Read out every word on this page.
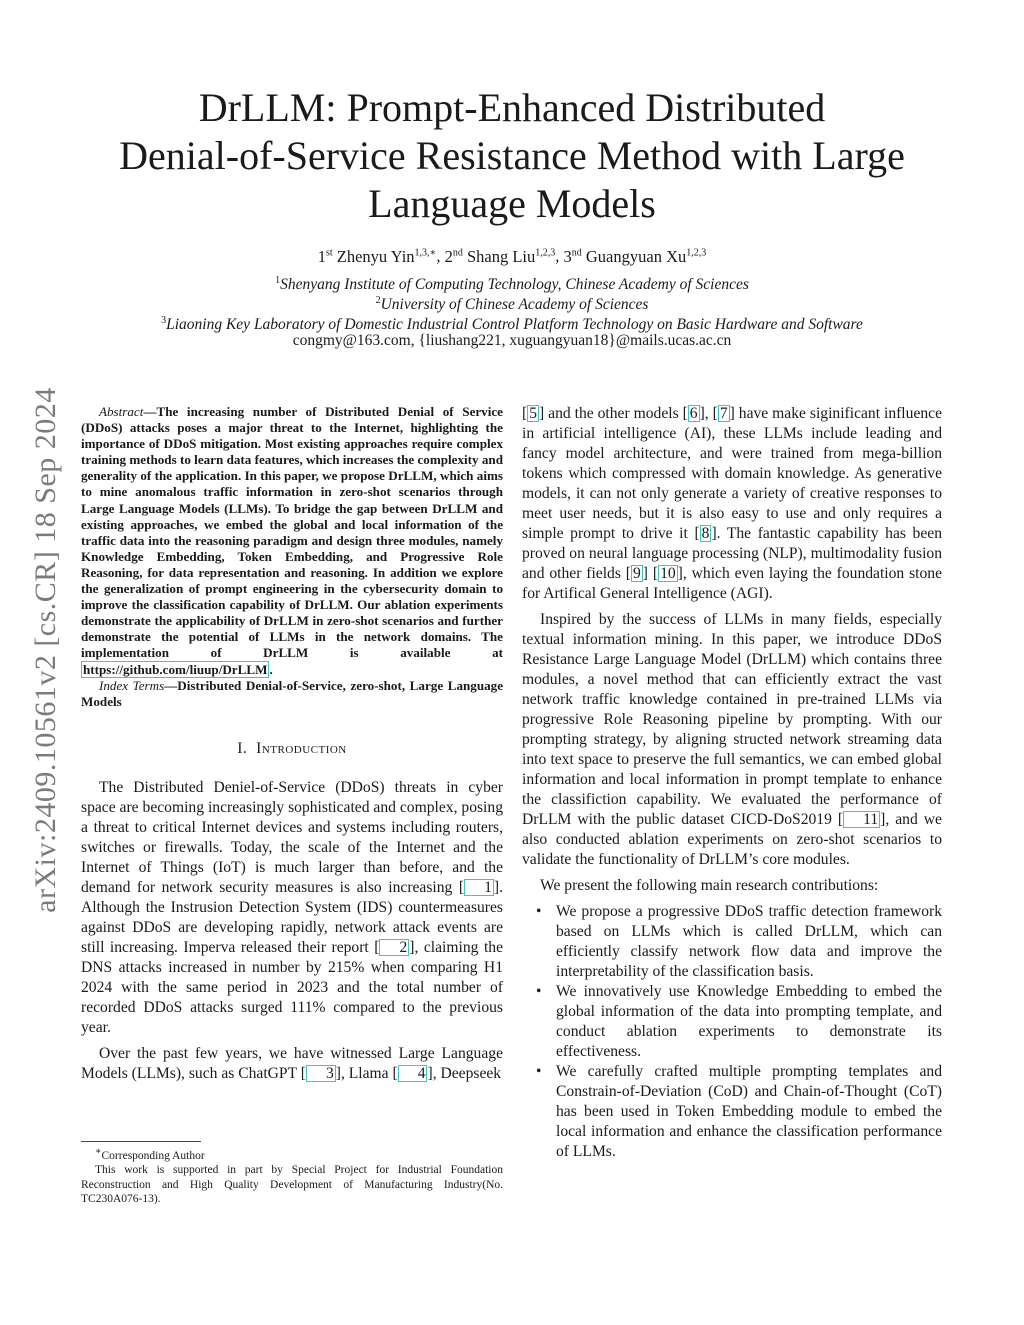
DrLLM: Prompt-Enhanced Distributed
Denial-of-Service Resistance Method with Large
Language Models
1st Zhenyu Yin$^{1,3,∗}$, 2nd Shang Liu$^{1,2,3}$, 3nd Guangyuan Xu$^{1,2,3}$
$^1$Shenyang Institute of Computing Technology, Chinese Academy of Sciences
$^2$University of Chinese Academy of Sciences
$^3$Liaoning Key Laboratory of Domestic Industrial Control Platform Technology on Basic Hardware and Software
congmy@163.com, {liushang221, xuguangyuan18}@mails.ucas.ac.cn
arXiv:2409.10561v2 [cs.CR] 18 Sep 2024	Abstract—The increasing number of Distributed Denial of Service (DDoS) attacks poses a major threat to the Internet, highlighting the importance of DDoS mitigation. Most existing approaches require complex training methods to learn data features, which increases the complexity and generality of the application. In this paper, we propose DrLLM, which aims to mine anomalous traffic information in zero-shot scenarios through Large Language Models (LLMs). To bridge the gap between DrLLM and existing approaches, we embed the global and local information of the traffic data into the reasoning paradigm and design three modules, namely Knowledge Embedding, Token Embedding, and Progressive Role Reasoning, for data representation and reasoning. In addition we explore the generalization of prompt engineering in the cybersecurity domain to improve the classification capability of DrLLM. Our ablation experiments demonstrate the applicability of DrLLM in zero-shot scenarios and further demonstrate the potential of LLMs in the network domains. The implementation of DrLLM is available at https://github.com/liuup/DrLLM .

Index Terms—Distributed Denial-of-Service, zero-shot, Large Language Models

I. Introduction

The Distributed Deniel-of-Service (DDoS) threats in cyber space are becoming increasingly sophisticated and complex, posing a threat to critical Internet devices and systems including routers, switches or firewalls. Today, the scale of the Internet and the Internet of Things (IoT) is much larger than before, and the demand for network security measures is also increasing [ 1 ]. Although the Instrusion Detection System (IDS) countermeasures against DDoS are developing rapidly, network attack events are still increasing. Imperva released their report [ 2 ], claiming the DNS attacks increased in number by 215% when comparing H1 2024 with the same period in 2023 and the total number of recorded DDoS attacks surged 111% compared to the previous year.

Over the past few years, we have witnessed Large Language Models (LLMs), such as ChatGPT [ 3 ], Llama [ 4 ], Deepseek

∗Corresponding Author
This work is supported in part by Special Project for Industrial Foundation Reconstruction and High Quality Development of Manufacturing Industry(No. TC230A076-13).

[ 5 ] and the other models [ 6 ], [ 7 ] have make siginificant influence in artificial intelligence (AI), these LLMs include leading and fancy model architecture, and were trained from mega-billion tokens which compressed with domain knowledge. As generative models, it can not only generate a variety of creative responses to meet user needs, but it is also easy to use and only requires a simple prompt to drive it [ 8 ]. The fantastic capability has been proved on neural language processing (NLP), multimodality fusion and other fields [ 9 ] [ 10 ], which even laying the foundation stone for Artifical General Intelligence (AGI).

Inspired by the success of LLMs in many fields, especially textual information mining. In this paper, we introduce DDoS Resistance Large Language Model (DrLLM) which contains three modules, a novel method that can efficiently extract the vast network traffic knowledge contained in pre-trained LLMs via progressive Role Reasoning pipeline by prompting. With our prompting strategy, by aligning structed network streaming data into text space to preserve the full semantics, we can embed global information and local information in prompt template to enhance the classifiction capability. We evaluated the performance of DrLLM with the public dataset CICD-DoS2019 [ 11 ], and we also conducted ablation experiments on zero-shot scenarios to validate the functionality of DrLLM’s core modules.

We present the following main research contributions:

• We propose a progressive DDoS traffic detection framework based on LLMs which is called DrLLM, which can efficiently classify network flow data and improve the interpretability of the classification basis.
• We innovatively use Knowledge Embedding to embed the global information of the data into prompting template, and conduct ablation experiments to demonstrate its effectiveness.
• We carefully crafted multiple prompting templates and Constrain-of-Deviation (CoD) and Chain-of-Thought (CoT) has been used in Token Embedding module to embed the local information and enhance the classification performance of LLMs.
